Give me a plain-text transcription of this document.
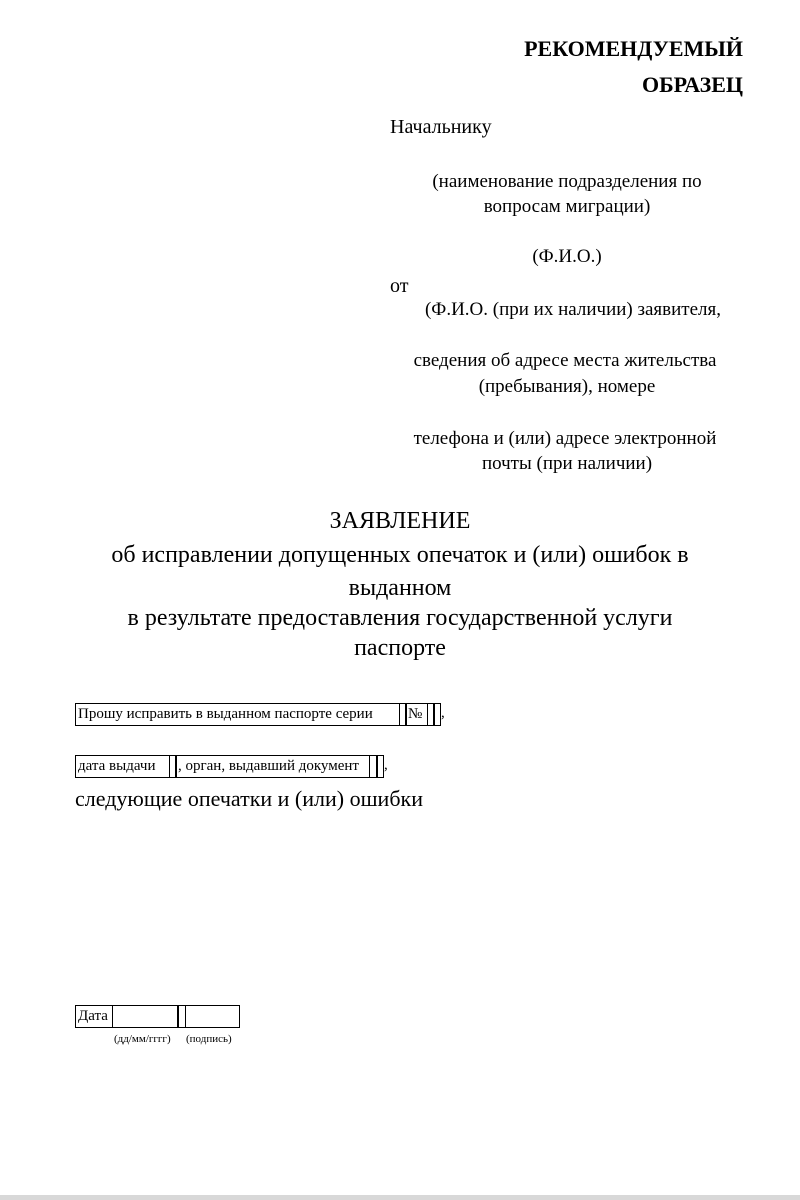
РЕКОМЕНДУЕМЫЙ
ОБРАЗЕЦ
Начальнику
(наименование подразделения по
вопросам миграции)
(Ф.И.О.)
от
(Ф.И.О. (при их наличии) заявителя,
сведения об адресе места жительства
(пребывания), номере
телефона и (или) адресе электронной
почты (при наличии)
ЗАЯВЛЕНИЕ
об исправлении допущенных опечаток и (или) ошибок в
выданном
в результате предоставления государственной услуги
паспорте
Прошу исправить в выданном паспорте серии	№	,
дата выдачи	, орган, выдавший документ	,
следующие опечатки и (или) ошибки
Дата
(дд/мм/гггг) (подпись)
